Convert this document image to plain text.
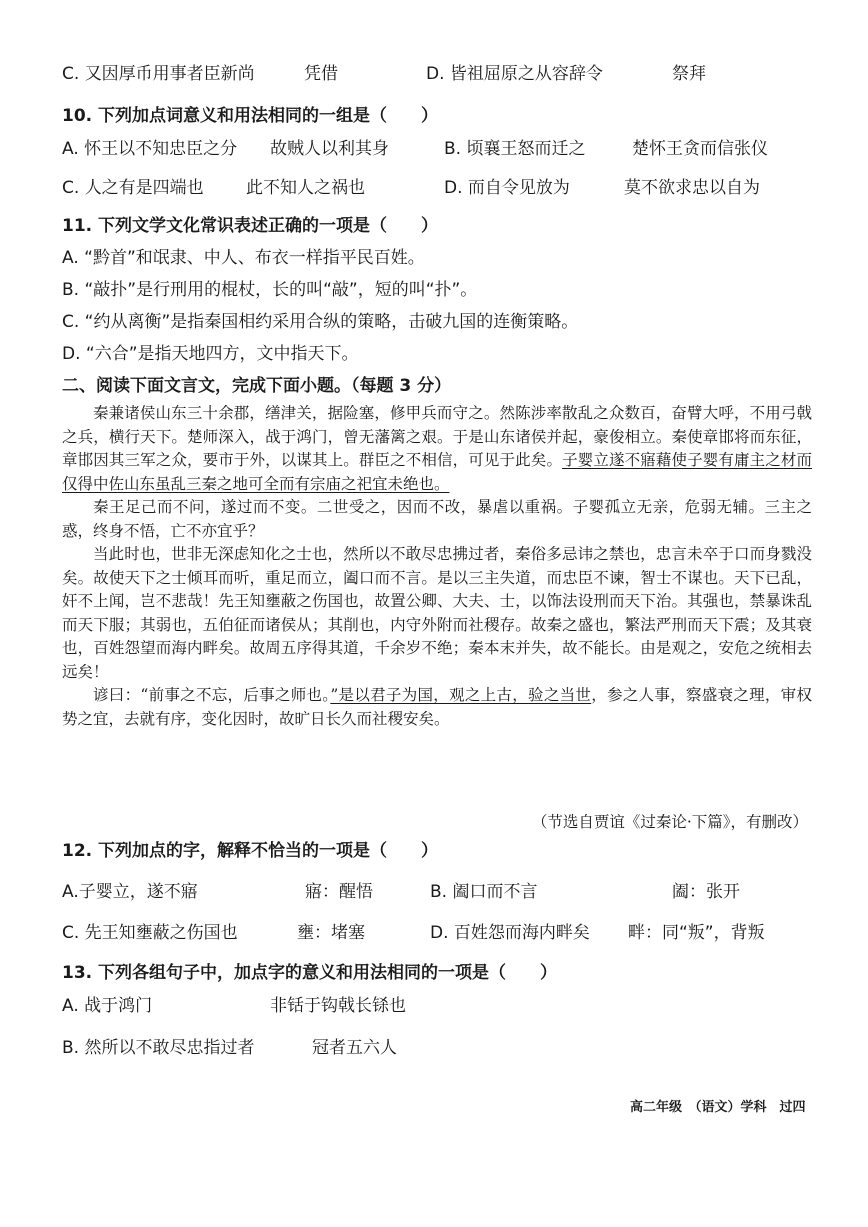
C. 又因厚币用事者臣新尚	凭借	D. 皆祖屈原之从容辞令	祭拜
10. 下列加点词意义和用法相同的一组是（　　）
A. 怀王以不知忠臣之分 故贼人以利其身	B. 顷襄王怒而迁之	楚怀王贪而信张仪
C. 人之有是四端也 此不知人之祸也	D. 而自令见放为	莫不欲求忠以自为
11. 下列文学文化常识表述正确的一项是（　　）
A. “黔首”和氓隶、中人、布衣一样指平民百姓。
B. “敲扑”是行刑用的棍杖，长的叫“敲”，短的叫“扑”。
C. “约从离衡”是指秦国相约采用合纵的策略，击破九国的连衡策略。
D. “六合”是指天地四方，文中指天下。
二、阅读下面文言文，完成下面小题。（每题 3 分）

秦兼诸侯山东三十余郡，缮津关，据险塞，修甲兵而守之。然陈涉率散乱之众数百，奋臂大呼，不用弓戟之兵，横行天下。楚师深入，战于鸿门，曾无藩篱之艰。于是山东诸侯并起，豪俊相立。秦使章邯将而东征，章邯因其三军之众，要市于外，以谋其上。群臣之不相信，可见于此矣。子婴立遂不寤藉使子婴有庸主之材而仅得中佐山东虽乱三秦之地可全而有宗庙之祀宜未绝也。

秦王足己而不问，遂过而不变。二世受之，因而不改，暴虐以重祸。子婴孤立无亲，危弱无辅。三主之惑，终身不悟，亡不亦宜乎？

当此时也，世非无深虑知化之士也，然所以不敢尽忠拂过者，秦俗多忌讳之禁也，忠言未卒于口而身戮没矣。故使天下之士倾耳而听，重足而立，阖口而不言。是以三主失道，而忠臣不谏，智士不谋也。天下已乱，奸不上闻，岂不悲哉！先王知壅蔽之伤国也，故置公卿、大夫、士，以饰法设刑而天下治。其强也，禁暴诛乱而天下服；其弱也，五伯征而诸侯从；其削也，内守外附而社稷存。故秦之盛也，繁法严刑而天下震；及其衰也，百姓怨望而海内畔矣。故周五序得其道，千余岁不绝；秦本末并失，故不能长。由是观之，安危之统相去远矣！

谚曰：“前事之不忘，后事之师也。”是以君子为国，观之上古，验之当世，参之人事，察盛衰之理，审权势之宜，去就有序，变化因时，故旷日长久而社稷安矣。

（节选自贾谊《过秦论·下篇》，有删改）
12. 下列加点的字，解释不恰当的一项是（　　）
A.子婴立，遂不寤	寤：醒悟	B. 阖口而不言	阖：张开
C. 先王知壅蔽之伤国也	壅：堵塞	D. 百姓怨而海内畔矣 畔：同“叛”，背叛
13. 下列各组句子中，加点字的意义和用法相同的一项是（　　）
A. 战于鸿门	非铦于钩戟长铩也
B. 然所以不敢尽忠指过者	冠者五六人
高二年级　（语文）学科　过四
